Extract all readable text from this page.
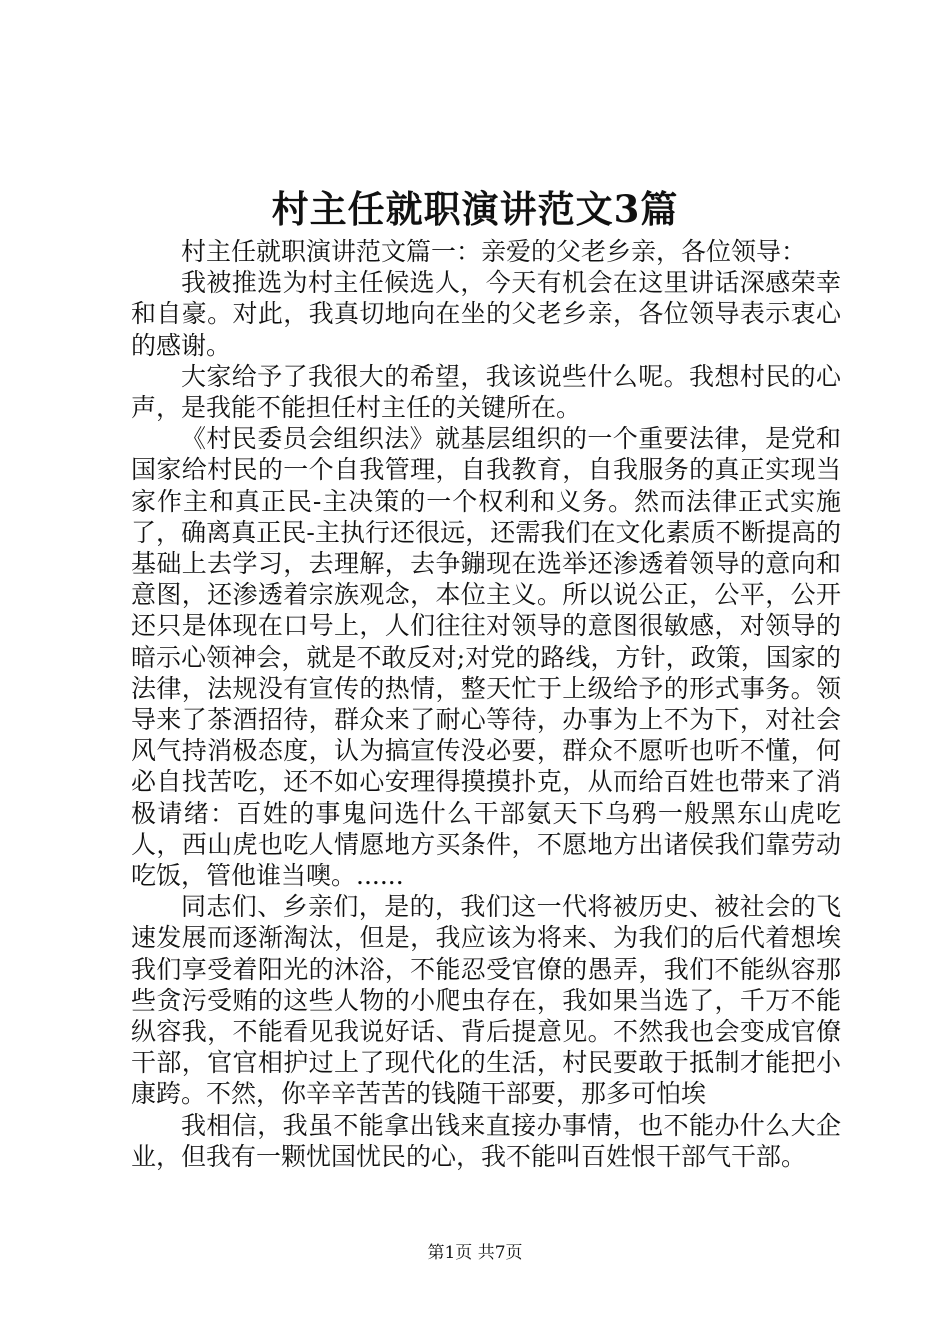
村主任就职演讲范文3篇

村主任就职演讲范文篇一：亲爱的父老乡亲，各位领导：

我被推选为村主任候选人，今天有机会在这里讲话深感荣幸和自豪。对此，我真切地向在坐的父老乡亲，各位领导表示衷心的感谢。

大家给予了我很大的希望，我该说些什么呢。我想村民的心声，是我能不能担任村主任的关键所在。

《村民委员会组织法》就基层组织的一个重要法律，是党和国家给村民的一个自我管理，自我教育，自我服务的真正实现当家作主和真正民-主决策的一个权利和义务。然而法律正式实施了，确离真正民-主执行还很远，还需我们在文化素质不断提高的基础上去学习，去理解，去争鏰现在选举还渗透着领导的意向和意图，还渗透着宗族观念，本位主义。所以说公正，公平，公开还只是体现在口号上，人们往往对领导的意图很敏感，对领导的暗示心领神会，就是不敢反对;对党的路线，方针，政策，国家的法律，法规没有宣传的热情，整天忙于上级给予的形式事务。领导来了茶酒招待，群众来了耐心等待，办事为上不为下，对社会风气持消极态度，认为搞宣传没必要，群众不愿听也听不懂，何必自找苦吃，还不如心安理得摸摸扑克，从而给百姓也带来了消极请绪：百姓的事鬼问选什么干部氨天下乌鸦一般黑东山虎吃人，西山虎也吃人情愿地方买条件，不愿地方出诸侯我们靠劳动吃饭，管他谁当噢。......

同志们、乡亲们，是的，我们这一代将被历史、被社会的飞速发展而逐渐淘汰，但是，我应该为将来、为我们的后代着想埃我们享受着阳光的沐浴，不能忍受官僚的愚弄，我们不能纵容那些贪污受贿的这些人物的小爬虫存在，我如果当选了，千万不能纵容我，不能看见我说好话、背后提意见。不然我也会变成官僚干部，官官相护过上了现代化的生活，村民要敢于抵制才能把小康跨。不然，你辛辛苦苦的钱随干部要，那多可怕埃

我相信，我虽不能拿出钱来直接办事情，也不能办什么大企业，但我有一颗忧国忧民的心，我不能叫百姓恨干部气干部。

第1页 共7页
